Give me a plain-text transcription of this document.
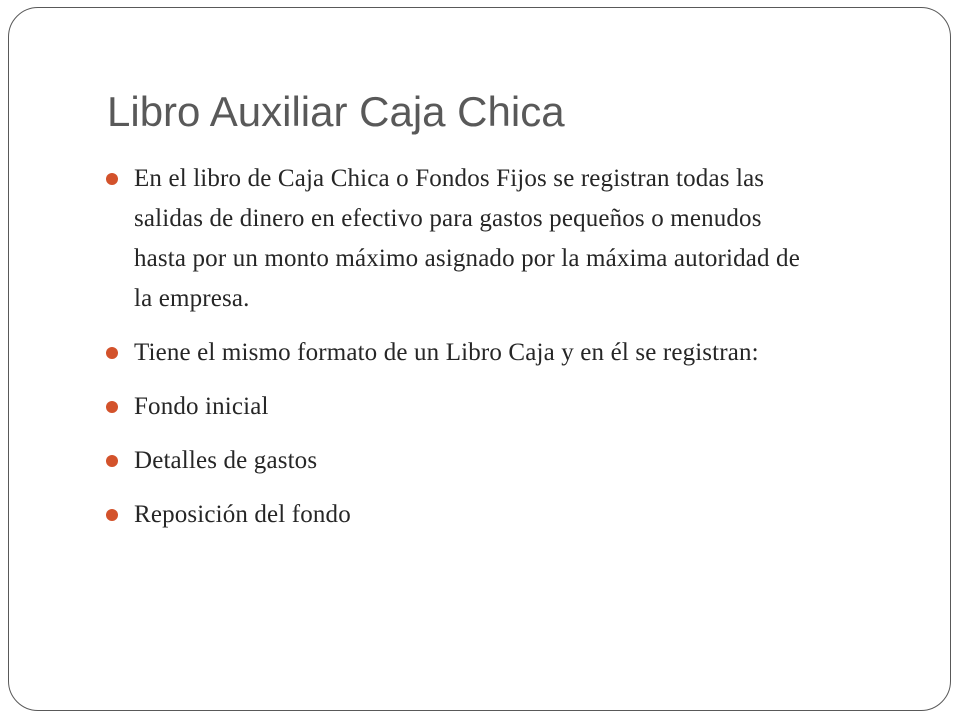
Libro Auxiliar Caja Chica
En el libro de Caja Chica o Fondos Fijos se registran todas las salidas de dinero en efectivo para gastos pequeños o menudos hasta por un monto máximo asignado por la máxima autoridad de la empresa.
Tiene el mismo formato de un Libro Caja y en él se registran:
Fondo inicial
Detalles de gastos
Reposición del fondo
